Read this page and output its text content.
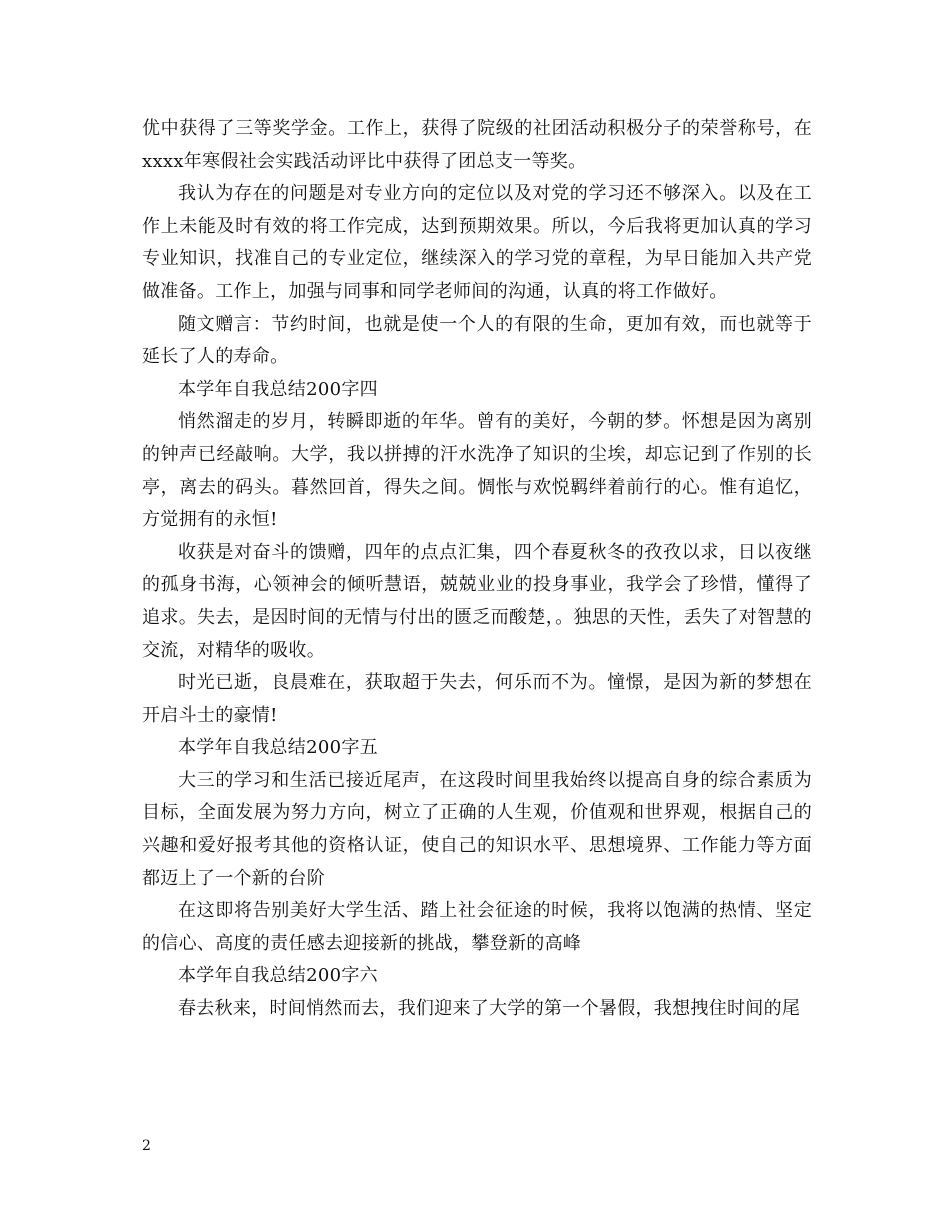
优中获得了三等奖学金。工作上，获得了院级的社团活动积极分子的荣誉称号，在xxxx年寒假社会实践活动评比中获得了团总支一等奖。

我认为存在的问题是对专业方向的定位以及对党的学习还不够深入。以及在工作上未能及时有效的将工作完成，达到预期效果。所以，今后我将更加认真的学习专业知识，找准自己的专业定位，继续深入的学习党的章程，为早日能加入共产党做准备。工作上，加强与同事和同学老师间的沟通，认真的将工作做好。

随文赠言：节约时间，也就是使一个人的有限的生命，更加有效，而也就等于延长了人的寿命。

本学年自我总结200字四

悄然溜走的岁月，转瞬即逝的年华。曾有的美好，今朝的梦。怀想是因为离别的钟声已经敲响。大学，我以拼搏的汗水洗净了知识的尘埃，却忘记到了作别的长亭，离去的码头。暮然回首，得失之间。惆怅与欢悦羁绊着前行的心。惟有追忆，方觉拥有的永恒!

收获是对奋斗的馈赠，四年的点点汇集，四个春夏秋冬的孜孜以求，日以夜继的孤身书海，心领神会的倾听慧语，兢兢业业的投身事业，我学会了珍惜，懂得了追求。失去，是因时间的无情与付出的匮乏而酸楚，。独思的天性，丢失了对智慧的交流，对精华的吸收。

时光已逝，良晨难在，获取超于失去，何乐而不为。憧憬，是因为新的梦想在开启斗士的豪情!

本学年自我总结200字五

大三的学习和生活已接近尾声，在这段时间里我始终以提高自身的综合素质为目标，全面发展为努力方向，树立了正确的人生观，价值观和世界观，根据自己的兴趣和爱好报考其他的资格认证，使自己的知识水平、思想境界、工作能力等方面都迈上了一个新的台阶

在这即将告别美好大学生活、踏上社会征途的时候，我将以饱满的热情、坚定的信心、高度的责任感去迎接新的挑战，攀登新的高峰

本学年自我总结200字六

春去秋来，时间悄然而去，我们迎来了大学的第一个暑假，我想拽住时间的尾

2
